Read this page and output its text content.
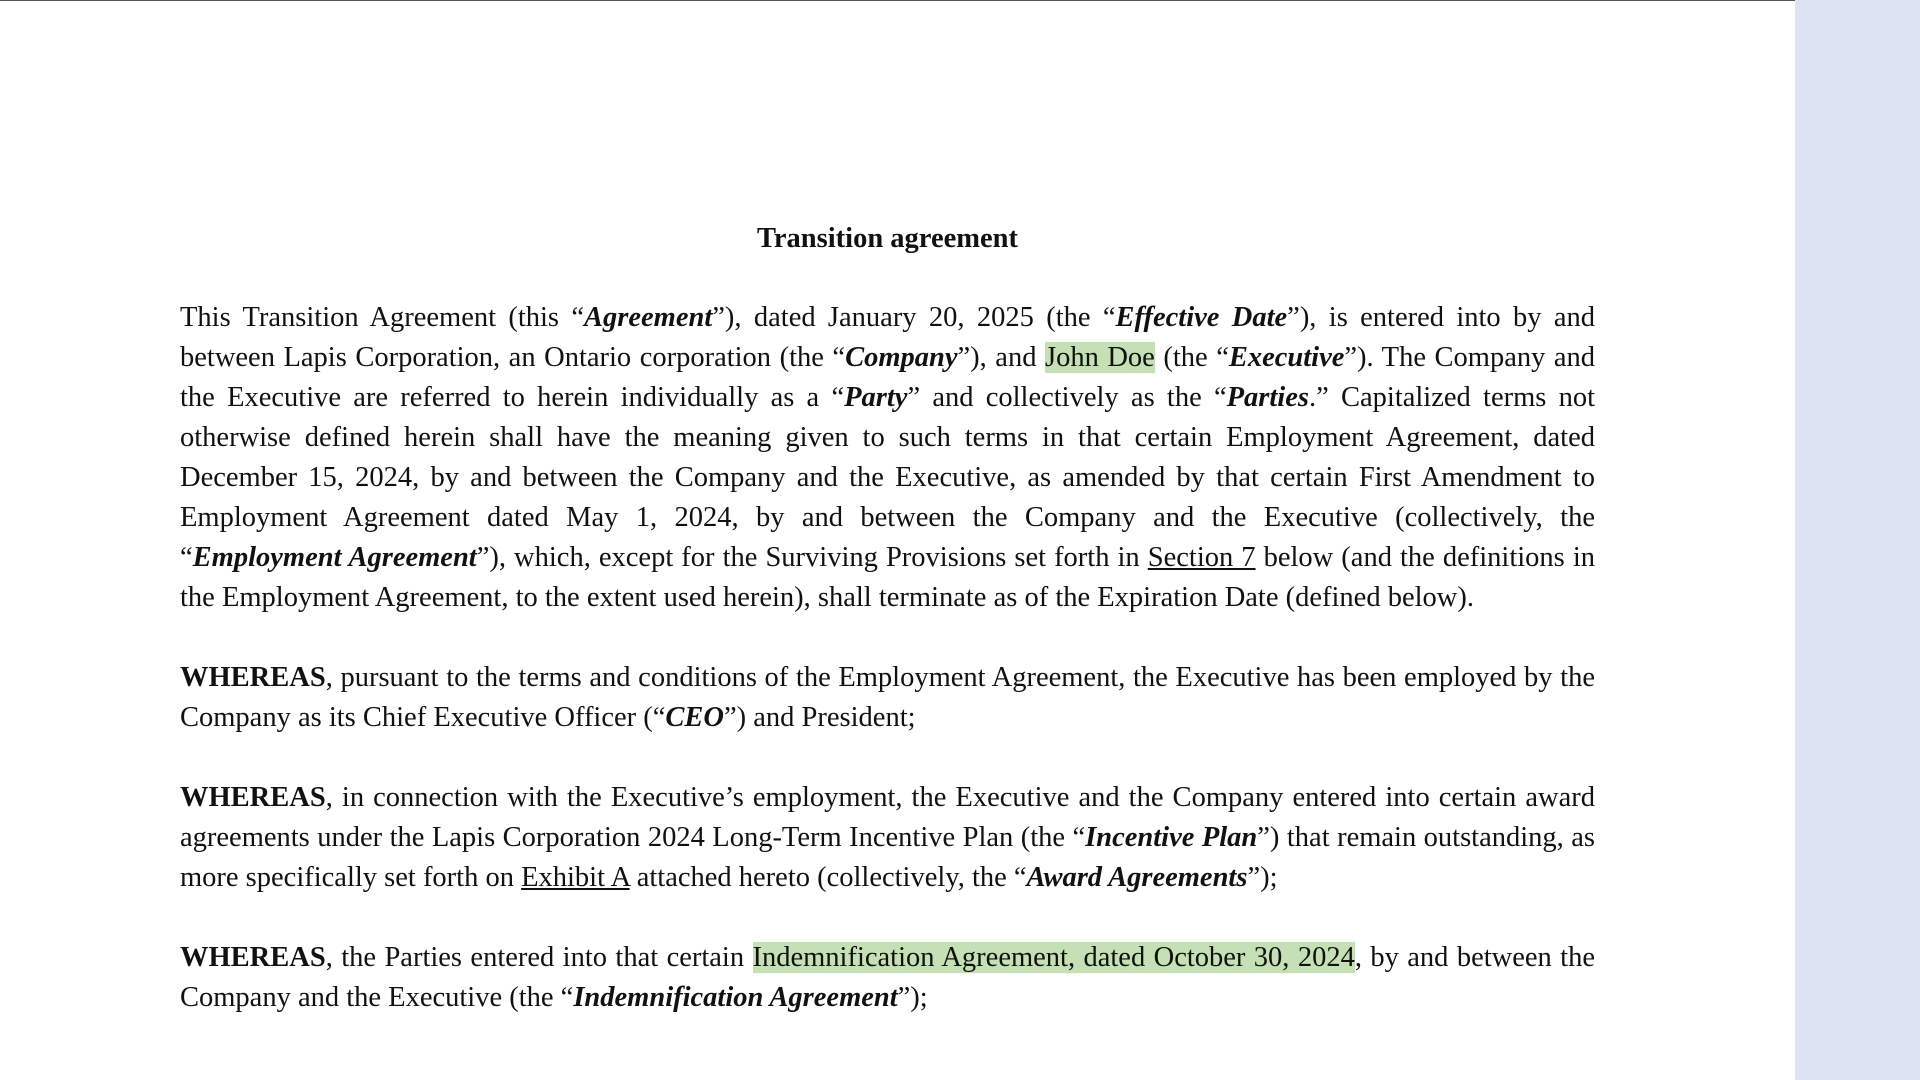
Transition agreement

This Transition Agreement (this “Agreement”), dated January 20, 2025 (the “Effective Date”), is entered into by and between Lapis Corporation, an Ontario corporation (the “Company”), and John Doe (the “Executive”). The Company and the Executive are referred to herein individually as a “Party” and collectively as the “Parties.” Capitalized terms not otherwise defined herein shall have the meaning given to such terms in that certain Employment Agreement, dated December 15, 2024, by and between the Company and the Executive, as amended by that certain First Amendment to Employment Agreement dated May 1, 2024, by and between the Company and the Executive (collectively, the “Employment Agreement”), which, except for the Surviving Provisions set forth in Section 7 below (and the definitions in the Employment Agreement, to the extent used herein), shall terminate as of the Expiration Date (defined below).

WHEREAS, pursuant to the terms and conditions of the Employment Agreement, the Executive has been employed by the Company as its Chief Executive Officer (“CEO”) and President;

WHEREAS, in connection with the Executive’s employment, the Executive and the Company entered into certain award agreements under the Lapis Corporation 2024 Long-Term Incentive Plan (the “Incentive Plan”) that remain outstanding, as more specifically set forth on Exhibit A attached hereto (collectively, the “Award Agreements”);

WHEREAS, the Parties entered into that certain Indemnification Agreement, dated October 30, 2024, by and between the Company and the Executive (the “Indemnification Agreement”);
